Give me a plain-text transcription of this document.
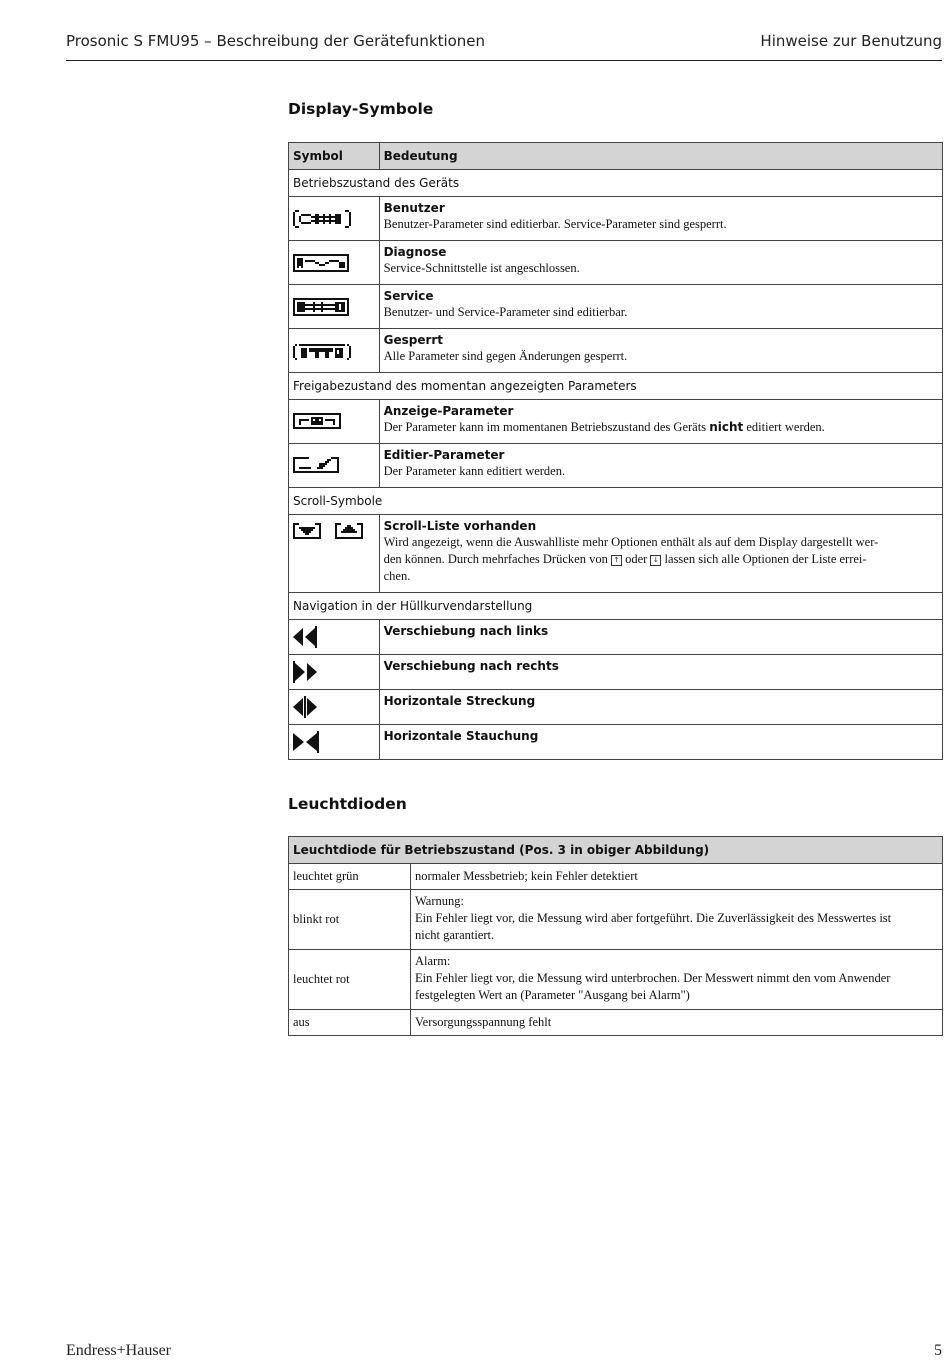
Prosonic S FMU95 – Beschreibung der Gerätefunktionen	Hinweise zur Benutzung
Display-Symbole
Symbol	Bedeutung
Betriebszustand des Geräts	

Benutzer
Benutzer-Parameter sind editierbar. Service-Parameter sind gesperrt.

Diagnose
Service-Schnittstelle ist angeschlossen.

Service
Benutzer- und Service-Parameter sind editierbar.

Gesperrt
Alle Parameter sind gegen Änderungen gesperrt.

Freigabezustand des momentan angezeigten Parameters	

Anzeige-Parameter
Der Parameter kann im momentanen Betriebszustand des Geräts nicht editiert werden.

Editier-Parameter
Der Parameter kann editiert werden.

Scroll-Symbole	

Scroll-Liste vorhanden
Wird angezeigt, wenn die Auswahlliste mehr Optionen enthält als auf dem Display dargestellt wer-
den können. Durch mehrfaches Drücken von ↑ oder ↓ lassen sich alle Optionen der Liste errei-
chen.

Navigation in der Hüllkurvendarstellung	

Verschiebung nach links

Verschiebung nach rechts

Horizontale Streckung

Horizontale Stauchung
Leuchtdioden
Leuchtdiode für Betriebszustand (Pos. 3 in obiger Abbildung)	
leuchtet grün	normaler Messbetrieb; kein Fehler detektiert
blinkt rot	Warnung:
Ein Fehler liegt vor, die Messung wird aber fortgeführt. Die Zuverlässigkeit des Messwertes ist
nicht garantiert.
leuchtet rot	Alarm:
Ein Fehler liegt vor, die Messung wird unterbrochen. Der Messwert nimmt den vom Anwender
festgelegten Wert an (Parameter "Ausgang bei Alarm")
aus	Versorgungsspannung fehlt
Endress+Hauser	5
